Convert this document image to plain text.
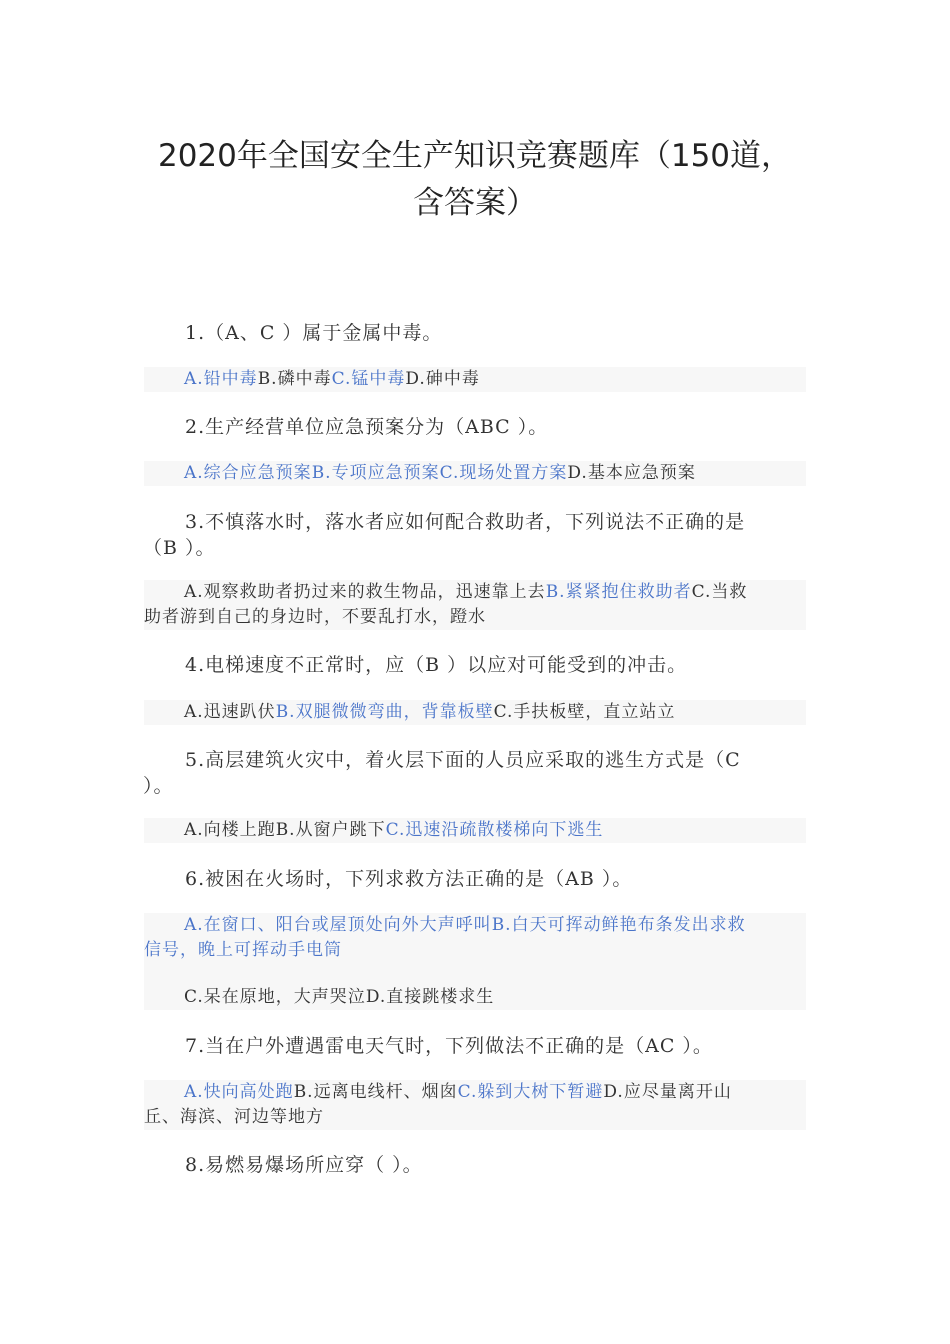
2020年全国安全生产知识竞赛题库（150道，
含答案）
1.（A、C ）属于金属中毒。
A.铅中毒B.磷中毒C.锰中毒D.砷中毒
2.生产经营单位应急预案分为（ABC ）。
A.综合应急预案B.专项应急预案C.现场处置方案D.基本应急预案
3.不慎落水时，落水者应如何配合救助者，下列说法不正确的是
（B ）。
A.观察救助者扔过来的救生物品，迅速靠上去B.紧紧抱住救助者C.当救
助者游到自己的身边时，不要乱打水，蹬水
4.电梯速度不正常时，应（B ）以应对可能受到的冲击。
A.迅速趴伏B.双腿微微弯曲，背靠板壁C.手扶板壁，直立站立
5.高层建筑火灾中，着火层下面的人员应采取的逃生方式是（C
）。
A.向楼上跑B.从窗户跳下C.迅速沿疏散楼梯向下逃生
6.被困在火场时，下列求救方法正确的是（AB ）。
A.在窗口、阳台或屋顶处向外大声呼叫B.白天可挥动鲜艳布条发出求救
信号，晚上可挥动手电筒
C.呆在原地，大声哭泣D.直接跳楼求生
7.当在户外遭遇雷电天气时，下列做法不正确的是（AC ）。
A.快向高处跑B.远离电线杆、烟囱C.躲到大树下暂避D.应尽量离开山
丘、海滨、河边等地方
8.易燃易爆场所应穿（ ）。
